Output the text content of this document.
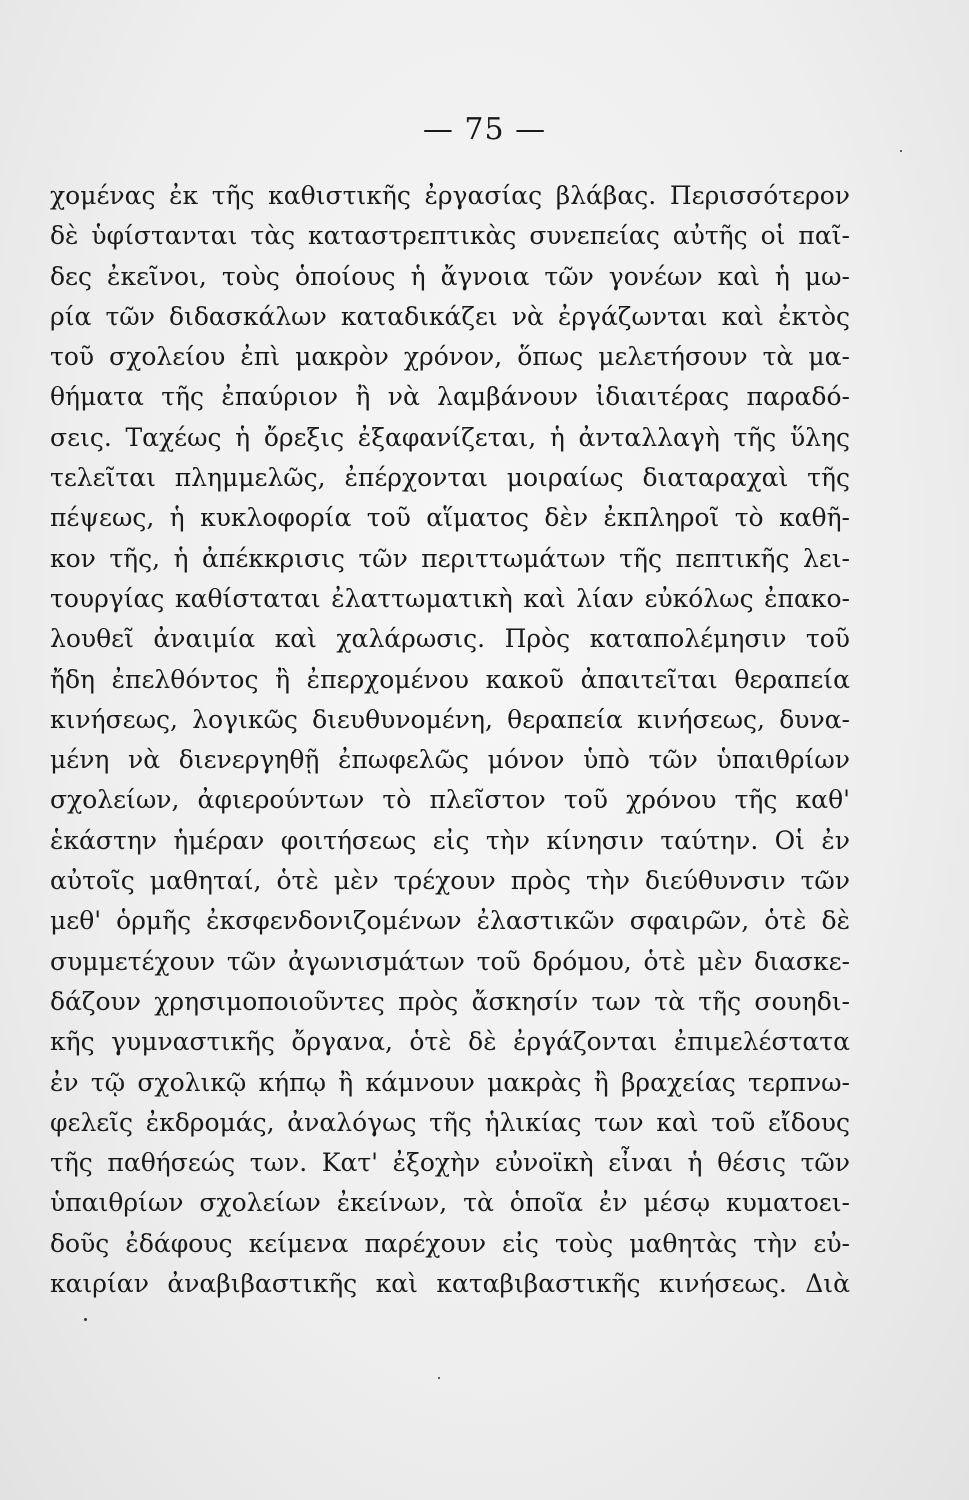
— 75 —
χομένας ἐκ τῆς καθιστικῆς ἐργασίας βλάβας. Περισσότερον
δὲ ὑφίστανται τὰς καταστρεπτικὰς συνεπείας αὐτῆς οἱ παῖ-
δες ἐκεῖνοι, τοὺς ὁποίους ἡ ἄγνοια τῶν γονέων καὶ ἡ μω-
ρία τῶν διδασκάλων καταδικάζει νὰ ἐργάζωνται καὶ ἐκτὸς
τοῦ σχολείου ἐπὶ μακρὸν χρόνον, ὅπως μελετήσουν τὰ μα-
θήματα τῆς ἐπαύριον ἢ νὰ λαμβάνουν ἰδιαιτέρας παραδό-
σεις. Ταχέως ἡ ὄρεξις ἐξαφανίζεται, ἡ ἀνταλλαγὴ τῆς ὕλης
τελεῖται πλημμελῶς, ἐπέρχονται μοιραίως διαταραχαὶ τῆς
πέψεως, ἡ κυκλοφορία τοῦ αἵματος δὲν ἐκπληροῖ τὸ καθῆ-
κον τῆς, ἡ ἀπέκκρισις τῶν περιττωμάτων τῆς πεπτικῆς λει-
τουργίας καθίσταται ἐλαττωματικὴ καὶ λίαν εὐκόλως ἐπακο-
λουθεῖ ἀναιμία καὶ χαλάρωσις. Πρὸς καταπολέμησιν τοῦ
ἤδη ἐπελθόντος ἢ ἐπερχομένου κακοῦ ἀπαιτεῖται θεραπεία
κινήσεως, λογικῶς διευθυνομένη, θεραπεία κινήσεως, δυνα-
μένη νὰ διενεργηθῇ ἐπωφελῶς μόνον ὑπὸ τῶν ὑπαιθρίων
σχολείων, ἀφιερούντων τὸ πλεῖστον τοῦ χρόνου τῆς καθ'
ἑκάστην ἡμέραν φοιτήσεως εἰς τὴν κίνησιν ταύτην. Οἱ ἐν
αὐτοῖς μαθηταί, ὁτὲ μὲν τρέχουν πρὸς τὴν διεύθυνσιν τῶν
μεθ' ὁρμῆς ἐκσφενδονιζομένων ἐλαστικῶν σφαιρῶν, ὁτὲ δὲ
συμμετέχουν τῶν ἀγωνισμάτων τοῦ δρόμου, ὁτὲ μὲν διασκε-
δάζουν χρησιμοποιοῦντες πρὸς ἄσκησίν των τὰ τῆς σουηδι-
κῆς γυμναστικῆς ὄργανα, ὁτὲ δὲ ἐργάζονται ἐπιμελέστατα
ἐν τῷ σχολικῷ κήπῳ ἢ κάμνουν μακρὰς ἢ βραχείας τερπνω-
φελεῖς ἐκδρομάς, ἀναλόγως τῆς ἡλικίας των καὶ τοῦ εἴδους
τῆς παθήσεώς των. Κατ' ἐξοχὴν εὐνοϊκὴ εἶναι ἡ θέσις τῶν
ὑπαιθρίων σχολείων ἐκείνων, τὰ ὁποῖα ἐν μέσῳ κυματοει-
δοῦς ἐδάφους κείμενα παρέχουν εἰς τοὺς μαθητὰς τὴν εὐ-
καιρίαν ἀναβιβαστικῆς καὶ καταβιβαστικῆς κινήσεως. Διὰ
